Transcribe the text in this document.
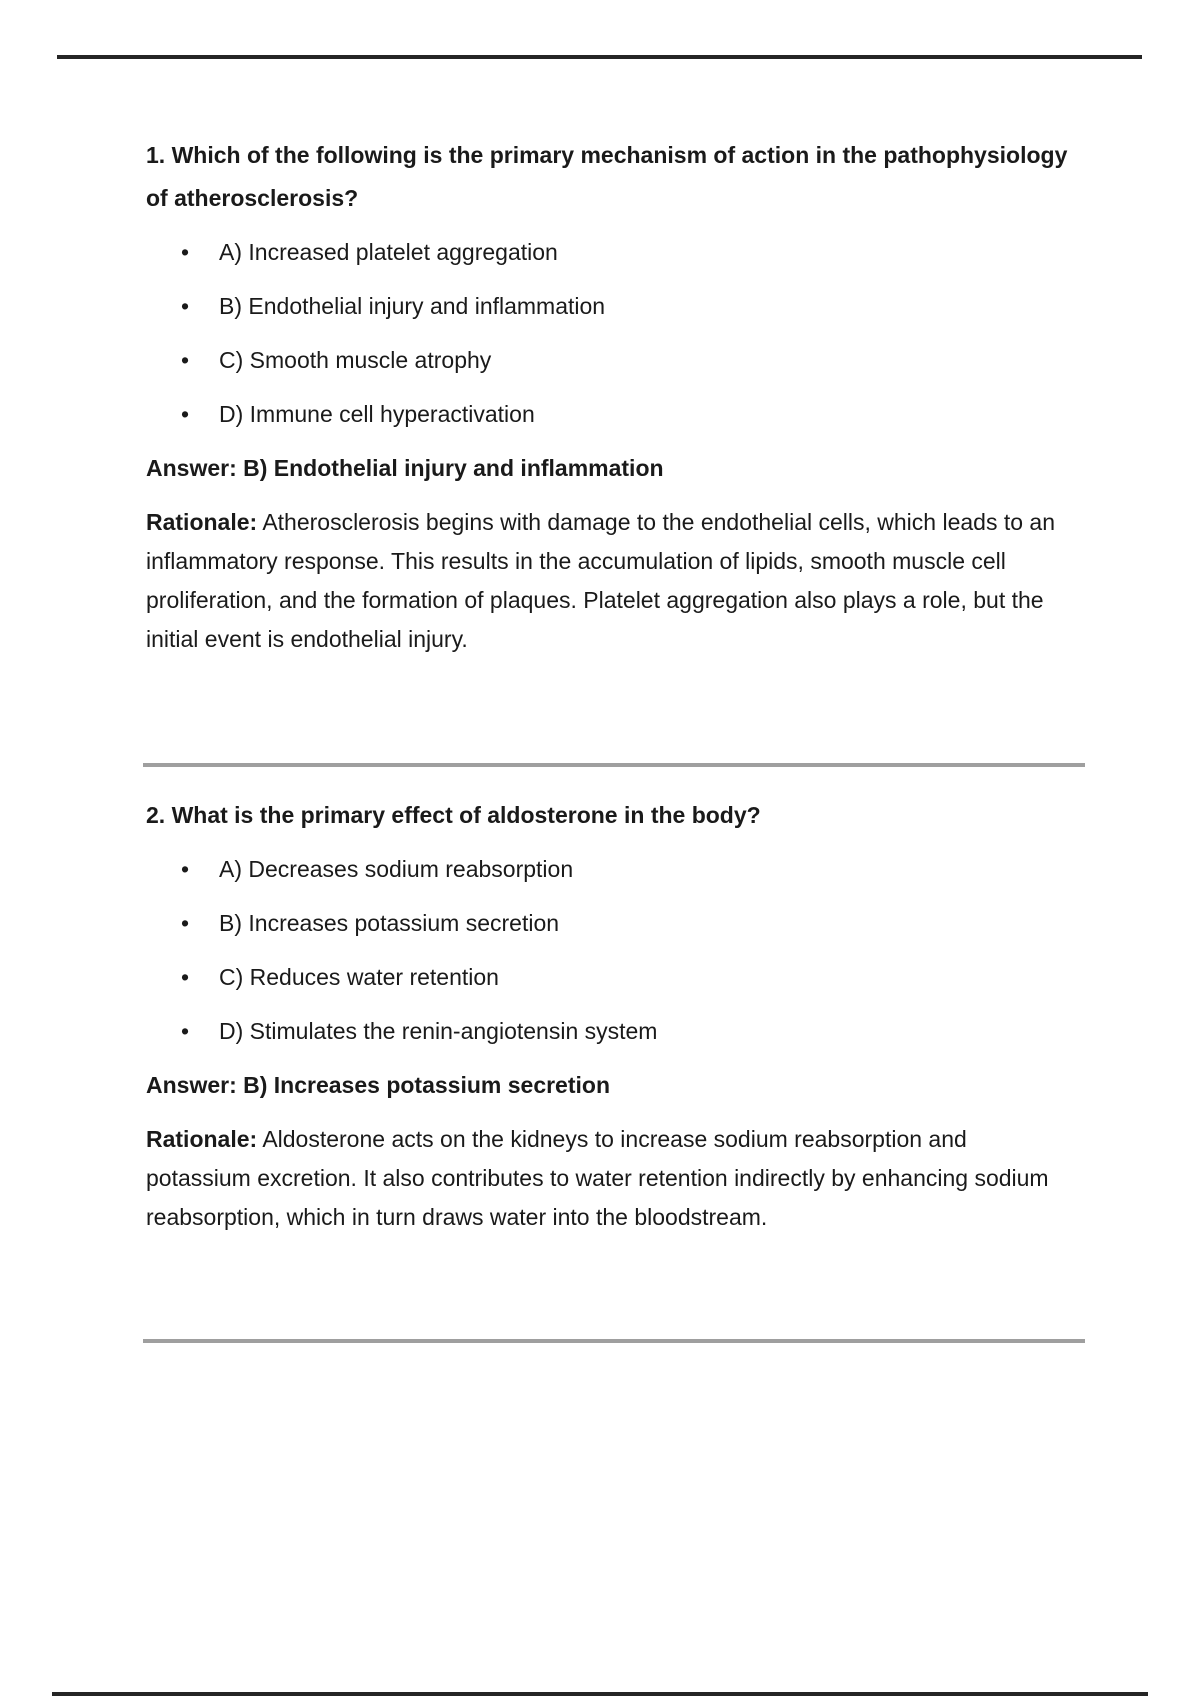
1. Which of the following is the primary mechanism of action in the pathophysiology of atherosclerosis?
• A) Increased platelet aggregation
• B) Endothelial injury and inflammation
• C) Smooth muscle atrophy
• D) Immune cell hyperactivation

Answer: B) Endothelial injury and inflammation

Rationale: Atherosclerosis begins with damage to the endothelial cells, which leads to an inflammatory response. This results in the accumulation of lipids, smooth muscle cell proliferation, and the formation of plaques. Platelet aggregation also plays a role, but the initial event is endothelial injury.

2. What is the primary effect of aldosterone in the body?
• A) Decreases sodium reabsorption
• B) Increases potassium secretion
• C) Reduces water retention
• D) Stimulates the renin-angiotensin system

Answer: B) Increases potassium secretion

Rationale: Aldosterone acts on the kidneys to increase sodium reabsorption and potassium excretion. It also contributes to water retention indirectly by enhancing sodium reabsorption, which in turn draws water into the bloodstream.
